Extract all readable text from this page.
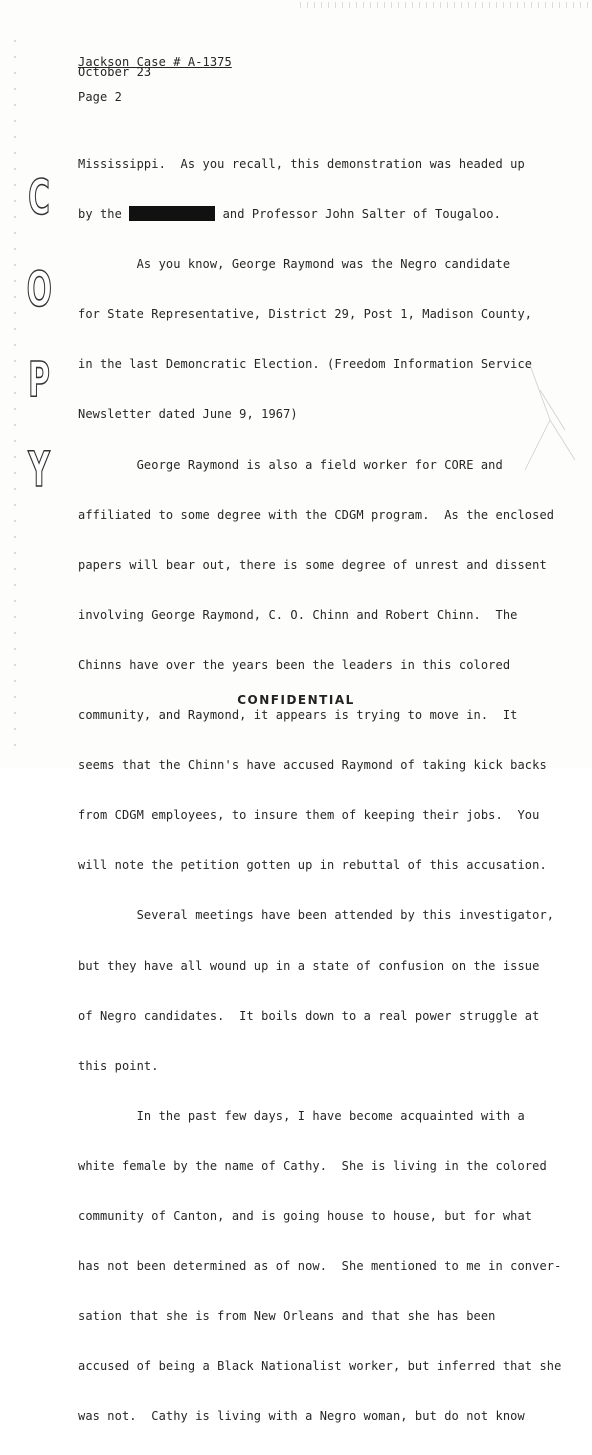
Jackson Case # A-1375
October 23
Page 2
C
O
P
Y

Mississippi.  As you recall, this demonstration was headed up

by the	and Professor John Salter of Tougaloo.

As you know, George Raymond was the Negro candidate

for State Representative, District 29, Post 1, Madison County,

in the last Demoncratic Election. (Freedom Information Service

Newsletter dated June 9, 1967)

George Raymond is also a field worker for CORE and

affiliated to some degree with the CDGM program.  As the enclosed

papers will bear out, there is some degree of unrest and dissent

involving George Raymond, C. O. Chinn and Robert Chinn.  The

Chinns have over the years been the leaders in this colored

community, and Raymond, it appears is trying to move in.  It

seems that the Chinn's have accused Raymond of taking kick backs

from CDGM employees, to insure them of keeping their jobs.  You

will note the petition gotten up in rebuttal of this accusation.

Several meetings have been attended by this investigator,

but they have all wound up in a state of confusion on the issue

of Negro candidates.  It boils down to a real power struggle at

this point.

In the past few days, I have become acquainted with a

white female by the name of Cathy.  She is living in the colored

community of Canton, and is going house to house, but for what

has not been determined as of now.  She mentioned to me in conver-

sation that she is from New Orleans and that she has been

accused of being a Black Nationalist worker, but inferred that she

was not.  Cathy is living with a Negro woman, but do not know

CONFIDENTIAL
